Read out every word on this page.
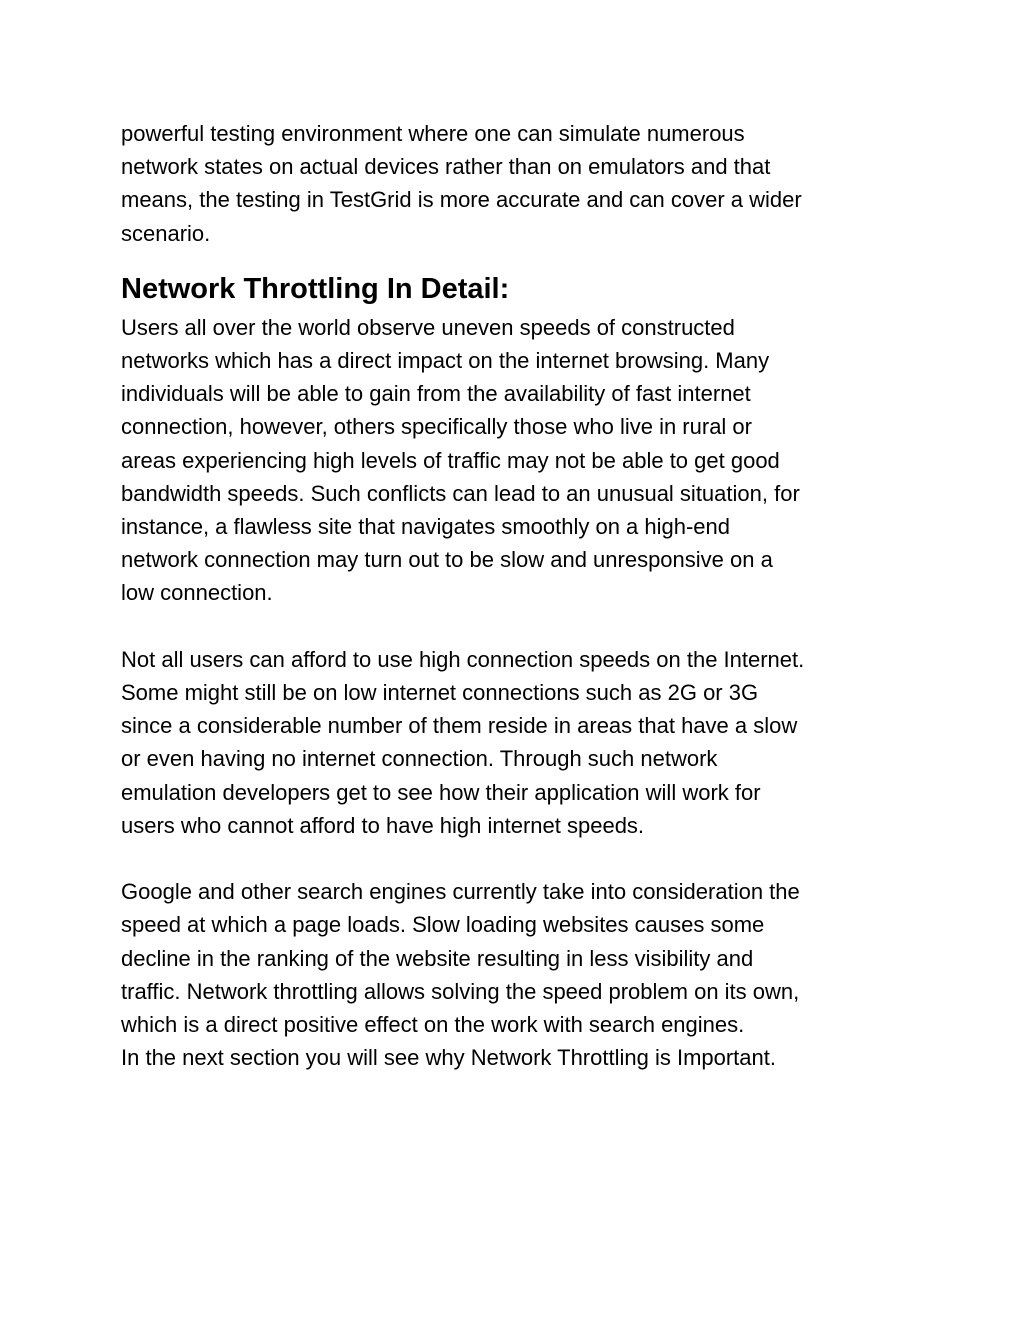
powerful testing environment where one can simulate numerous
network states on actual devices rather than on emulators and that
means, the testing in TestGrid is more accurate and can cover a wider
scenario.

Network Throttling In Detail:

Users all over the world observe uneven speeds of constructed
networks which has a direct impact on the internet browsing. Many
individuals will be able to gain from the availability of fast internet
connection, however, others specifically those who live in rural or
areas experiencing high levels of traffic may not be able to get good
bandwidth speeds. Such conflicts can lead to an unusual situation, for
instance, a flawless site that navigates smoothly on a high-end
network connection may turn out to be slow and unresponsive on a
low connection.

Not all users can afford to use high connection speeds on the Internet.
Some might still be on low internet connections such as 2G or 3G
since a considerable number of them reside in areas that have a slow
or even having no internet connection. Through such network
emulation developers get to see how their application will work for
users who cannot afford to have high internet speeds.

Google and other search engines currently take into consideration the
speed at which a page loads. Slow loading websites causes some
decline in the ranking of the website resulting in less visibility and
traffic. Network throttling allows solving the speed problem on its own,
which is a direct positive effect on the work with search engines.
In the next section you will see why Network Throttling is Important.
